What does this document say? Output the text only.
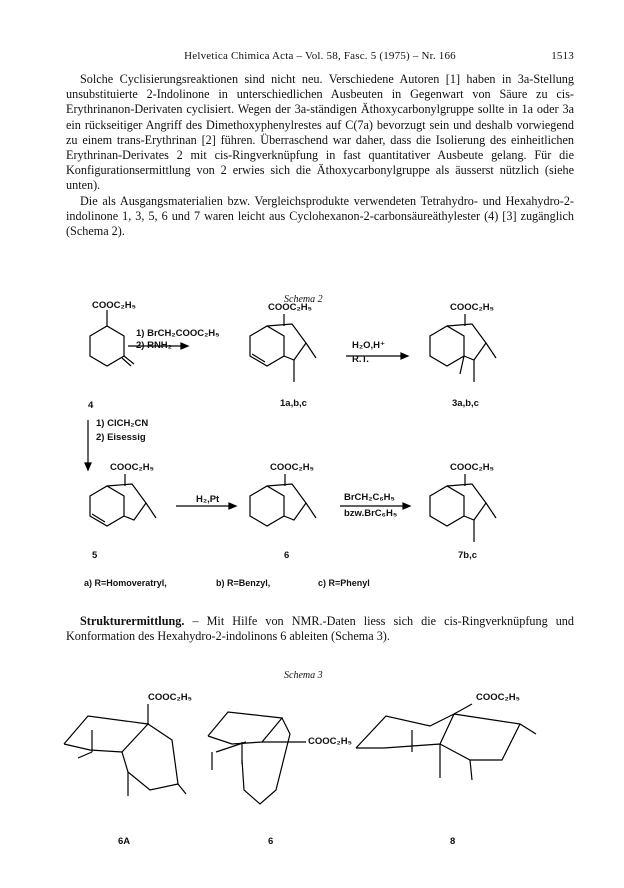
Helvetica Chimica Acta – Vol. 58, Fasc. 5 (1975) – Nr. 166	1513

Solche Cyclisierungsreaktionen sind nicht neu. Verschiedene Autoren [1] haben in 3a-Stellung unsubstituierte 2-Indolinone in unterschiedlichen Ausbeuten in Gegenwart von Säure zu cis-Erythrinanon-Derivaten cyclisiert. Wegen der 3a-ständigen Äthoxycarbonylgruppe sollte in 1a oder 3a ein rückseitiger Angriff des Dimethoxyphenylrestes auf C(7a) bevorzugt sein und deshalb vorwiegend zu einem trans-Erythrinan [2] führen. Überraschend war daher, dass die Isolierung des einheitlichen Erythrinan-Derivates 2 mit cis-Ringverknüpfung in fast quantitativer Ausbeute gelang. Für die Konfigurationsermittlung von 2 erwies sich die Äthoxycarbonylgruppe als äusserst nützlich (siehe unten).

Die als Ausgangsmaterialien bzw. Vergleichsprodukte verwendeten Tetrahydro- und Hexahydro-2-indolinone 1, 3, 5, 6 und 7 waren leicht aus Cyclohexanon-2-carbonsäureäthylester (4) [3] zugänglich (Schema 2).

Schema 2
COOC₂H₅
1) BrCH₂COOC₂H₅
2) RNH₂
COOC₂H₅
H₂O,H⁺
R.T.
COOC₂H₅
4	1a,b,c	3a,b,c
1) ClCH₂CN
2) Eisessig
COOC₂H₅
H₂,Pt
COOC₂H₅
BrCH₂C₆H₅
bzw.BrC₆H₅
COOC₂H₅
5	6	7b,c
a) R=Homoveratryl,	b) R=Benzyl,	c) R=Phenyl

Strukturermittlung. – Mit Hilfe von NMR.-Daten liess sich die cis-Ringverknüpfung und Konformation des Hexahydro-2-indolinons 6 ableiten (Schema 3).

Schema 3
COOC₂H₅
COOC₂H₅
COOC₂H₅
6A	6	8
